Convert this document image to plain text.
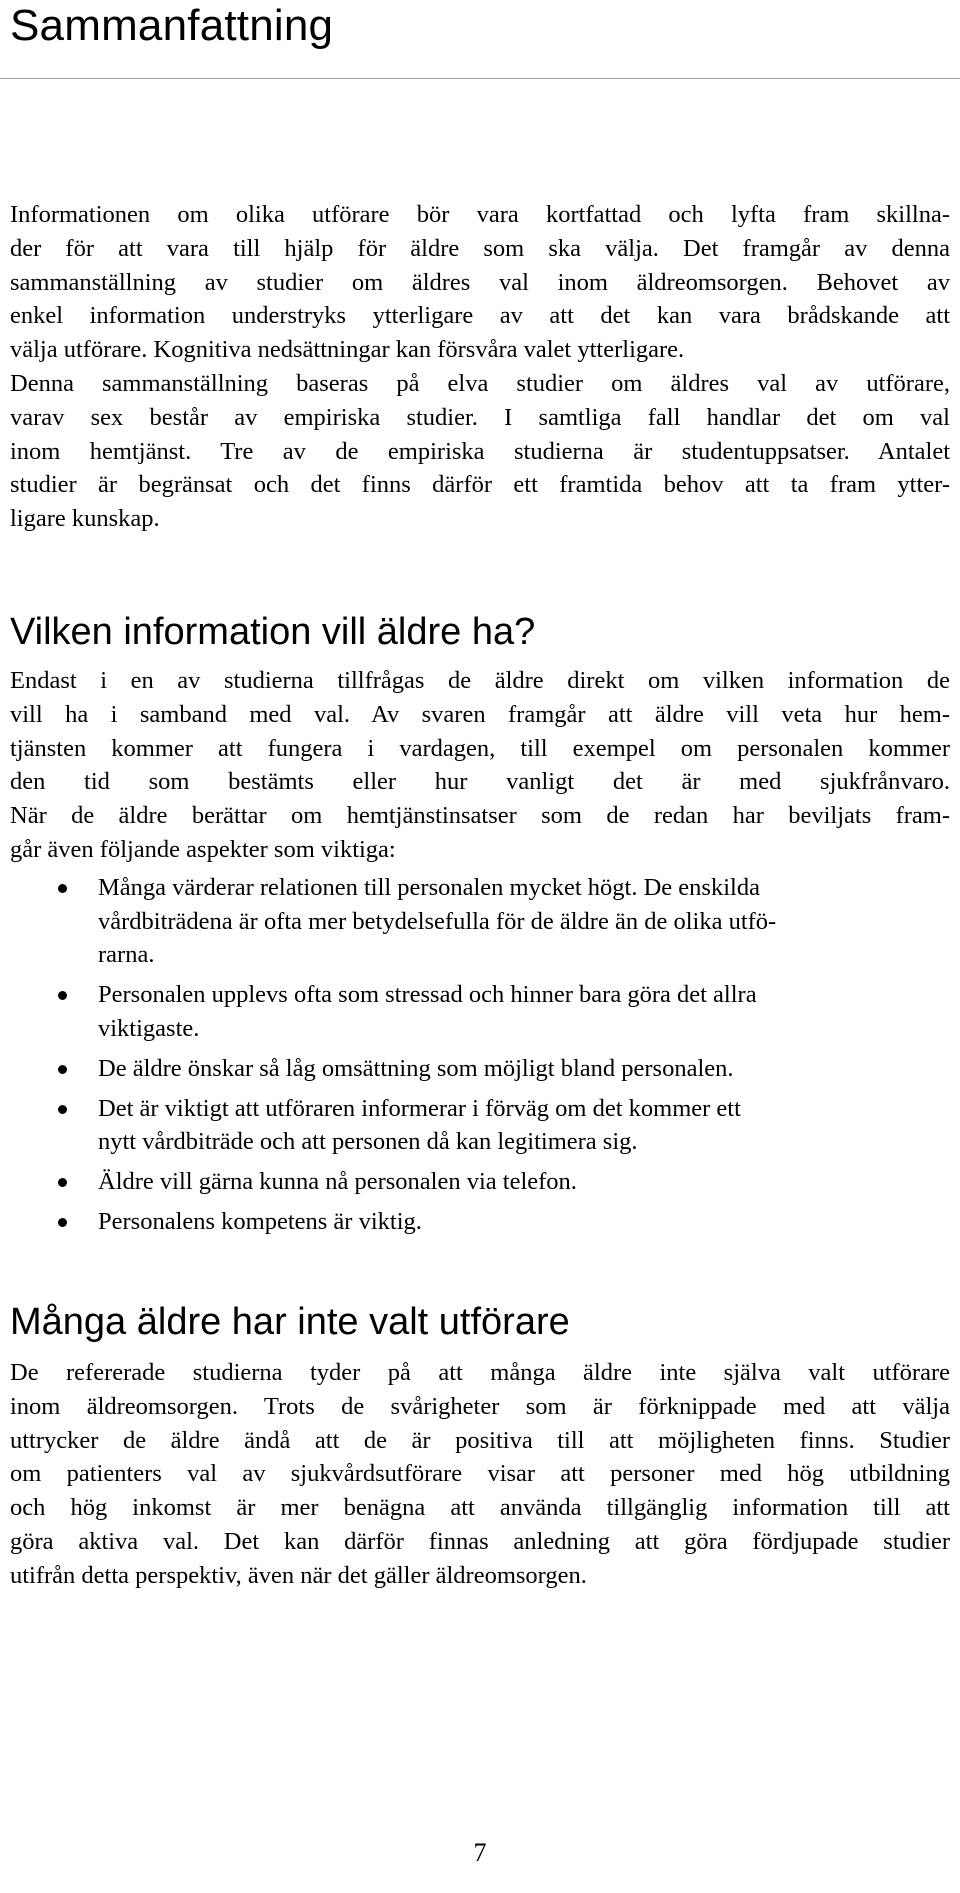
Sammanfattning

Informationen om olika utförare bör vara kortfattad och lyfta fram skillna-

der för att vara till hjälp för äldre som ska välja. Det framgår av denna

sammanställning av studier om äldres val inom äldreomsorgen. Behovet av

enkel information understryks ytterligare av att det kan vara brådskande att

välja utförare. Kognitiva nedsättningar kan försvåra valet ytterligare.

Denna sammanställning baseras på elva studier om äldres val av utförare,

varav sex består av empiriska studier. I samtliga fall handlar det om val

inom hemtjänst. Tre av de empiriska studierna är studentuppsatser. Antalet

studier är begränsat och det finns därför ett framtida behov att ta fram ytter-

ligare kunskap.

Vilken information vill äldre ha?

Endast i en av studierna tillfrågas de äldre direkt om vilken information de

vill ha i samband med val. Av svaren framgår att äldre vill veta hur hem-

tjänsten kommer att fungera i vardagen, till exempel om personalen kommer

den tid som bestämts eller hur vanligt det är med sjukfrånvaro.

När de äldre berättar om hemtjänstinsatser som de redan har beviljats fram-

går även följande aspekter som viktiga:

Många värderar relationen till personalen mycket högt. De enskilda
vårdbiträdena är ofta mer betydelsefulla för de äldre än de olika utfö-
rarna.
Personalen upplevs ofta som stressad och hinner bara göra det allra
viktigaste.
De äldre önskar så låg omsättning som möjligt bland personalen.
Det är viktigt att utföraren informerar i förväg om det kommer ett
nytt vårdbiträde och att personen då kan legitimera sig.
Äldre vill gärna kunna nå personalen via telefon.
Personalens kompetens är viktig.
Många äldre har inte valt utförare

De refererade studierna tyder på att många äldre inte själva valt utförare

inom äldreomsorgen. Trots de svårigheter som är förknippade med att välja

uttrycker de äldre ändå att de är positiva till att möjligheten finns. Studier

om patienters val av sjukvårdsutförare visar att personer med hög utbildning

och hög inkomst är mer benägna att använda tillgänglig information till att

göra aktiva val. Det kan därför finnas anledning att göra fördjupade studier

utifrån detta perspektiv, även när det gäller äldreomsorgen.

7
